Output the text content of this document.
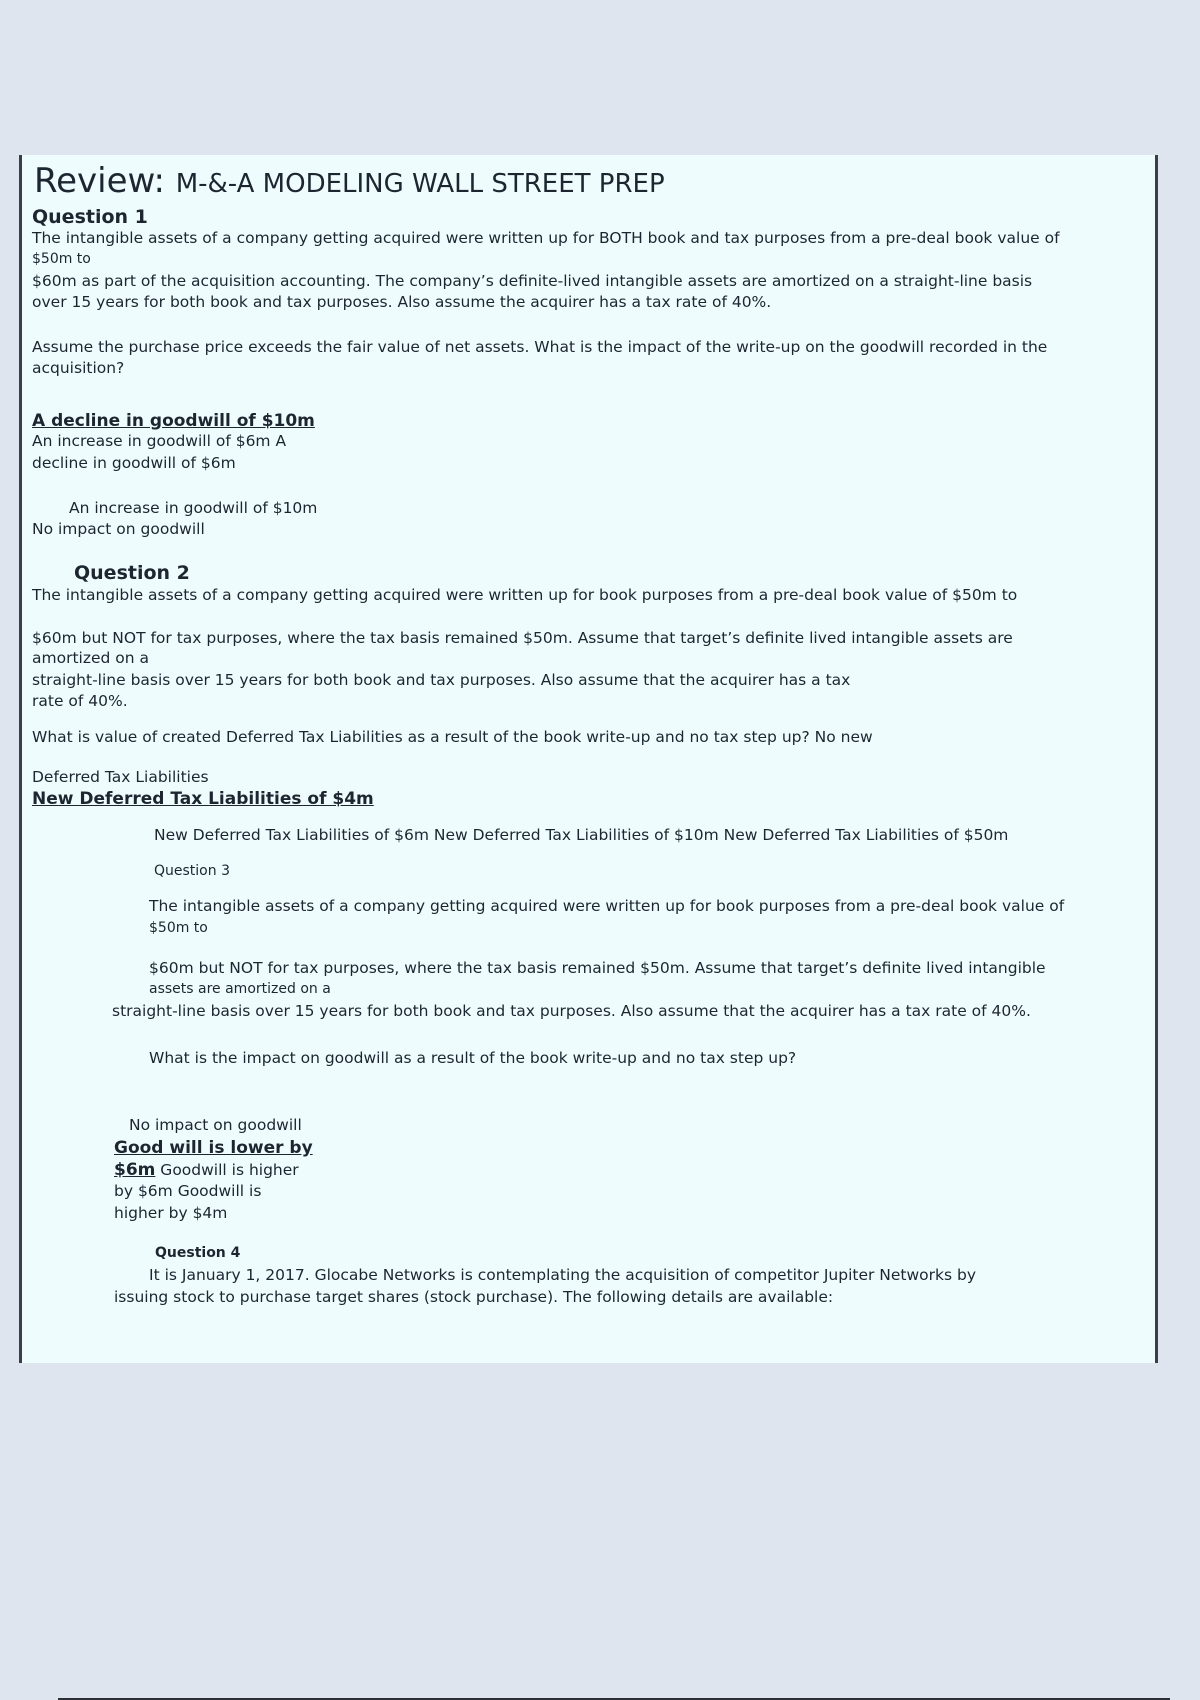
Review: M-&-A MODELING WALL STREET PREP
Question 1
The intangible assets of a company getting acquired were written up for BOTH book and tax purposes from a pre-deal book value of
$50m to
$60m as part of the acquisition accounting. The company’s definite-lived intangible assets are amortized on a straight-line basis
over 15 years for both book and tax purposes. Also assume the acquirer has a tax rate of 40%.
Assume the purchase price exceeds the fair value of net assets. What is the impact of the write-up on the goodwill recorded in the
acquisition?
A decline in goodwill of $10m
An increase in goodwill of $6m A
decline in goodwill of $6m
An increase in goodwill of $10m
No impact on goodwill
Question 2
The intangible assets of a company getting acquired were written up for book purposes from a pre-deal book value of $50m to
$60m but NOT for tax purposes, where the tax basis remained $50m. Assume that target’s definite lived intangible assets are
amortized on a
straight-line basis over 15 years for both book and tax purposes. Also assume that the acquirer has a tax
rate of 40%.
What is value of created Deferred Tax Liabilities as a result of the book write-up and no tax step up? No new
Deferred Tax Liabilities
New Deferred Tax Liabilities of $4m
New Deferred Tax Liabilities of $6m New Deferred Tax Liabilities of $10m New Deferred Tax Liabilities of $50m
Question 3
The intangible assets of a company getting acquired were written up for book purposes from a pre-deal book value of
$50m to
$60m but NOT for tax purposes, where the tax basis remained $50m. Assume that target’s definite lived intangible
assets are amortized on a
straight-line basis over 15 years for both book and tax purposes. Also assume that the acquirer has a tax rate of 40%.
What is the impact on goodwill as a result of the book write-up and no tax step up?
No impact on goodwill
Good will is lower by
$6m Goodwill is higher
by $6m Goodwill is
higher by $4m
Question 4
It is January 1, 2017. Glocabe Networks is contemplating the acquisition of competitor Jupiter Networks by
issuing stock to purchase target shares (stock purchase). The following details are available:
